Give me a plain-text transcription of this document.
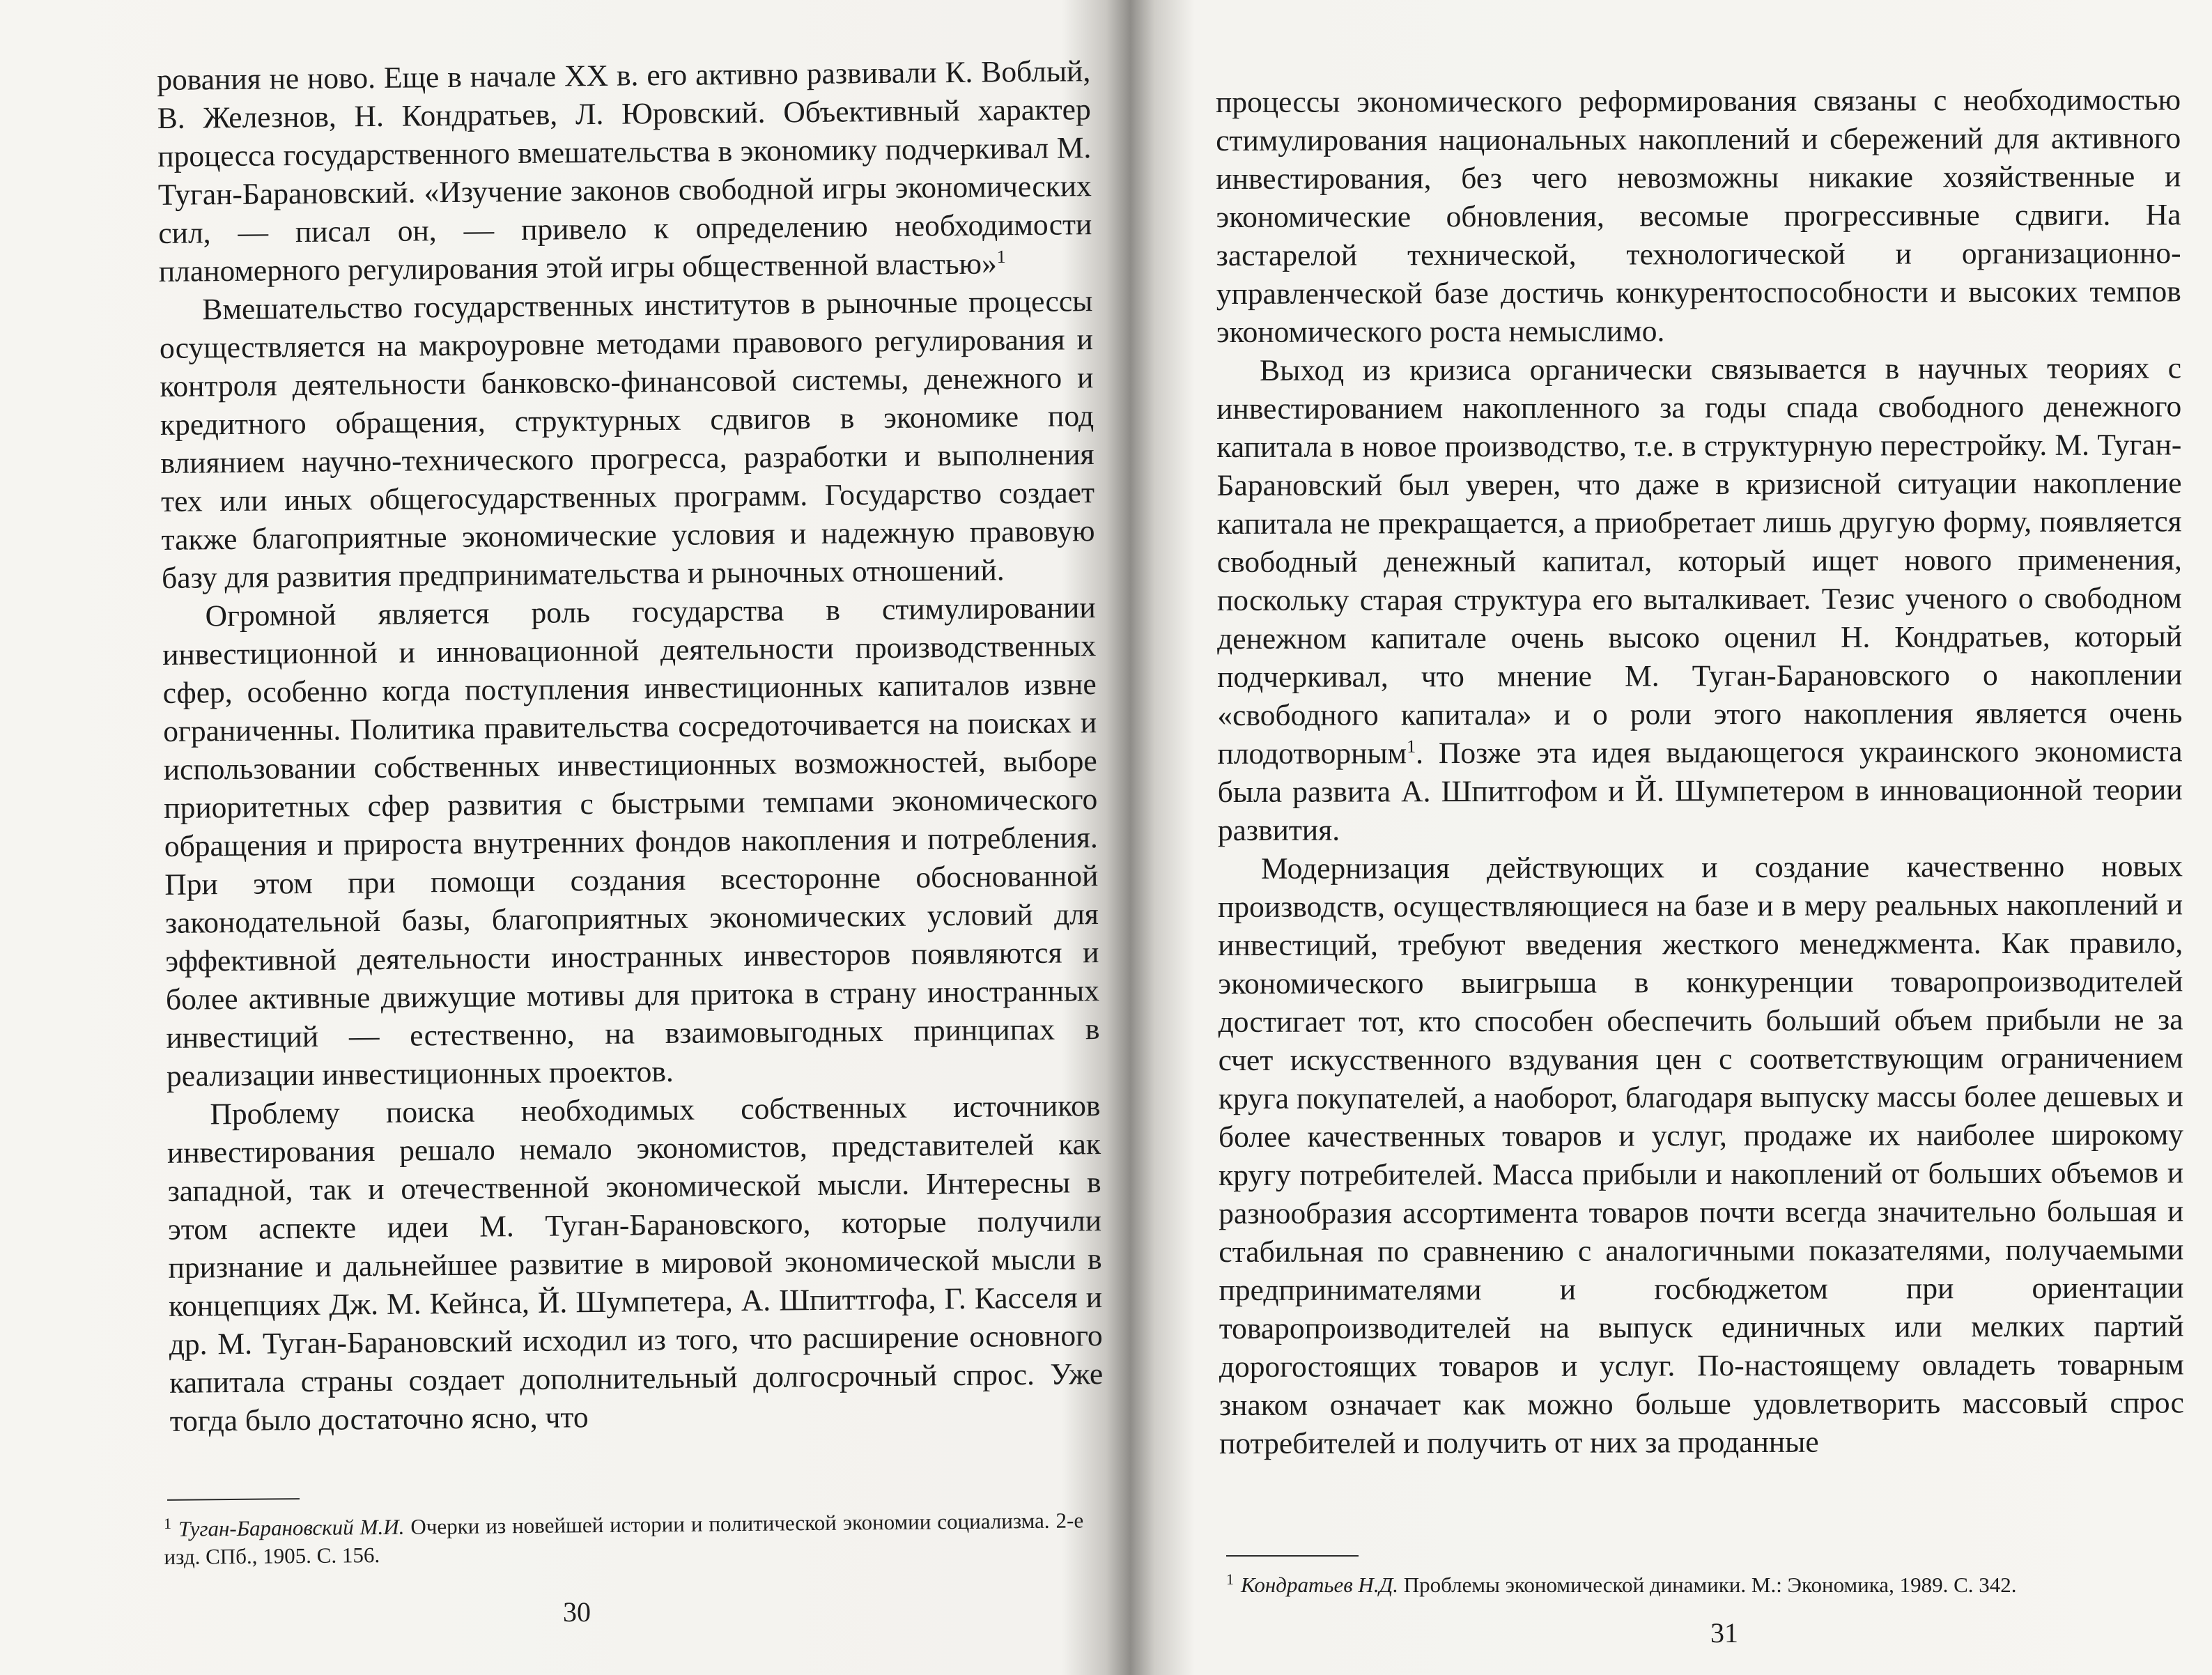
рования не ново. Еще в начале XX в. его активно развивали К. Воблый, В. Железнов, Н. Кондратьев, Л. Юровский. Объективный характер процесса государственного вмешательства в экономику подчеркивал М. Туган-Барановский. «Изучение законов свободной игры экономических сил, — писал он, — привело к определению необходимости планомерного регулирования этой игры общественной властью»$^1$

Вмешательство государственных институтов в рыночные процессы осуществляется на макроуровне методами правового регулирования и контроля деятельности банковско-финансовой системы, денежного и кредитного обращения, структурных сдвигов в экономике под влиянием научно-технического прогресса, разработки и выполнения тех или иных общегосударственных программ. Государство создает также благоприятные экономические условия и надежную правовую базу для развития предпринимательства и рыночных отношений.

Огромной является роль государства в стимулировании инвестиционной и инновационной деятельности производственных сфер, особенно когда поступления инвестиционных капиталов извне ограниченны. Политика правительства сосредоточивается на поисках и использовании собственных инвестиционных возможностей, выборе приоритетных сфер развития с быстрыми темпами экономического обращения и прироста внутренних фондов накопления и потребления. При этом при помощи создания всесторонне обоснованной законодательной базы, благоприятных экономических условий для эффективной деятельности иностранных инвесторов появляются и более активные движущие мотивы для притока в страну иностранных инвестиций — естественно, на взаимовыгодных принципах в реализации инвестиционных проектов.

Проблему поиска необходимых собственных источников инвестирования решало немало экономистов, представителей как западной, так и отечественной экономической мысли. Интересны в этом аспекте идеи М. Туган-Барановского, которые получили признание и дальнейшее развитие в мировой экономической мысли в концепциях Дж. М. Кейнса, Й. Шумпетера, А. Шпиттгофа, Г. Касселя и др. М. Туган-Барановский исходил из того, что расширение основного капитала страны создает дополнительный долгосрочный спрос. Уже тогда было достаточно ясно, что

$^1$ Туган-Барановский М.И. Очерки из новейшей истории и политической экономии социализма. 2-е изд. СПб., 1905. С. 156.
30

процессы экономического реформирования связаны с необходимостью стимулирования национальных накоплений и сбережений для активного инвестирования, без чего невозможны никакие хозяйственные и экономические обновления, весомые прогрессивные сдвиги. На застарелой технической, технологической и организационно-управленческой базе достичь конкурентоспособности и высоких темпов экономического роста немыслимо.

Выход из кризиса органически связывается в научных теориях с инвестированием накопленного за годы спада свободного денежного капитала в новое производство, т.е. в структурную перестройку. М. Туган-Барановский был уверен, что даже в кризисной ситуации накопление капитала не прекращается, а приобретает лишь другую форму, появляется свободный денежный капитал, который ищет нового применения, поскольку старая структура его выталкивает. Тезис ученого о свободном денежном капитале очень высоко оценил Н. Кондратьев, который подчеркивал, что мнение М. Туган-Барановского о накоплении «свободного капитала» и о роли этого накопления является очень плодотворным$^1$. Позже эта идея выдающегося украинского экономиста была развита А. Шпитгофом и Й. Шумпетером в инновационной теории развития.

Модернизация действующих и создание качественно новых производств, осуществляющиеся на базе и в меру реальных накоплений и инвестиций, требуют введения жесткого менеджмента. Как правило, экономического выигрыша в конкуренции товаропроизводителей достигает тот, кто способен обеспечить больший объем прибыли не за счет искусственного вздувания цен с соответствующим ограничением круга покупателей, а наоборот, благодаря выпуску массы более дешевых и более качественных товаров и услуг, продаже их наиболее широкому кругу потребителей. Масса прибыли и накоплений от больших объемов и разнообразия ассортимента товаров почти всегда значительно большая и стабильная по сравнению с аналогичными показателями, получаемыми предпринимателями и госбюджетом при ориентации товаропроизводителей на выпуск единичных или мелких партий дорогостоящих товаров и услуг. По-настоящему овладеть товарным знаком означает как можно больше удовлетворить массовый спрос потребителей и получить от них за проданные

$^1$ Кондратьев Н.Д. Проблемы экономической динамики. М.: Экономика, 1989. С. 342.
31
